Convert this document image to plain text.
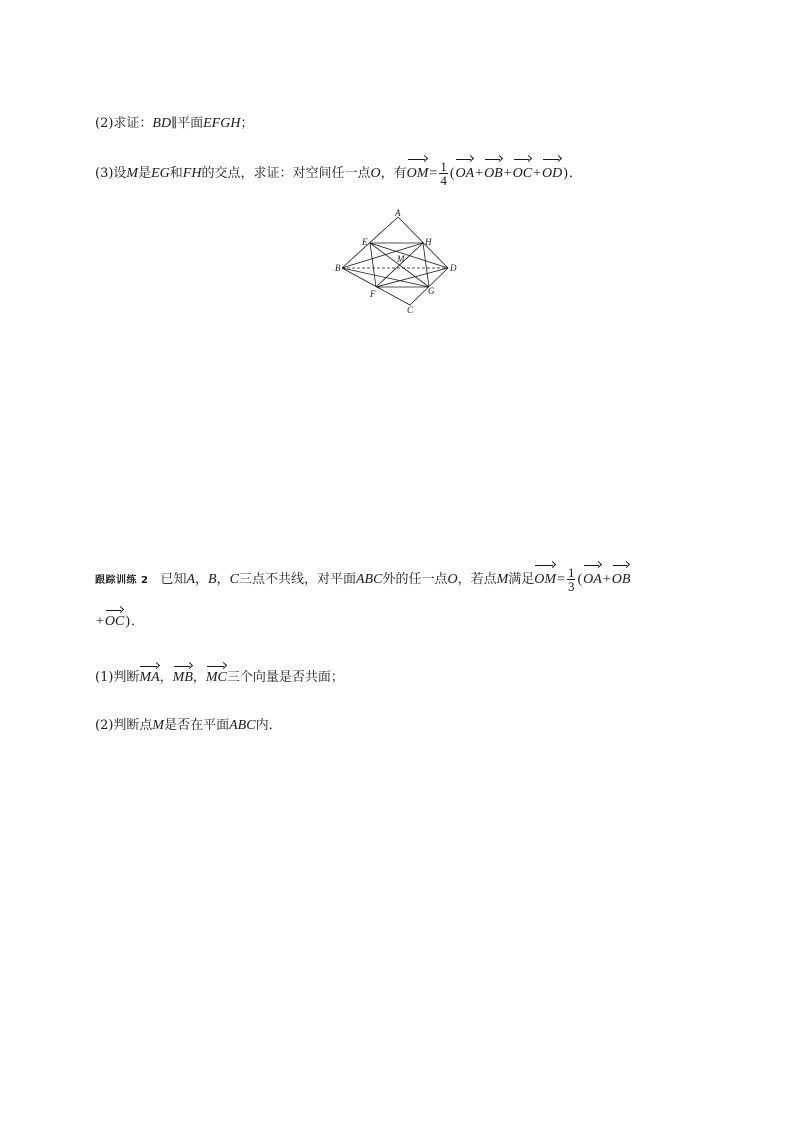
(2)求证：BD∥平面EFGH；
(3)设M是EG和FH的交点，求证：对空间任一点O，有$OM= \frac{1}{4} (OA+OB+OC+OD)$．
A
E	H
B
M
D
F	G
C
跟踪训练 2 已知A，B，C三点不共线，对平面ABC外的任一点O，若点M满足$OM= \frac{1}{3} (OA+OB$
+OC)．
(1)判断MA，MB，MC三个向量是否共面；
(2)判断点M是否在平面ABC内．
